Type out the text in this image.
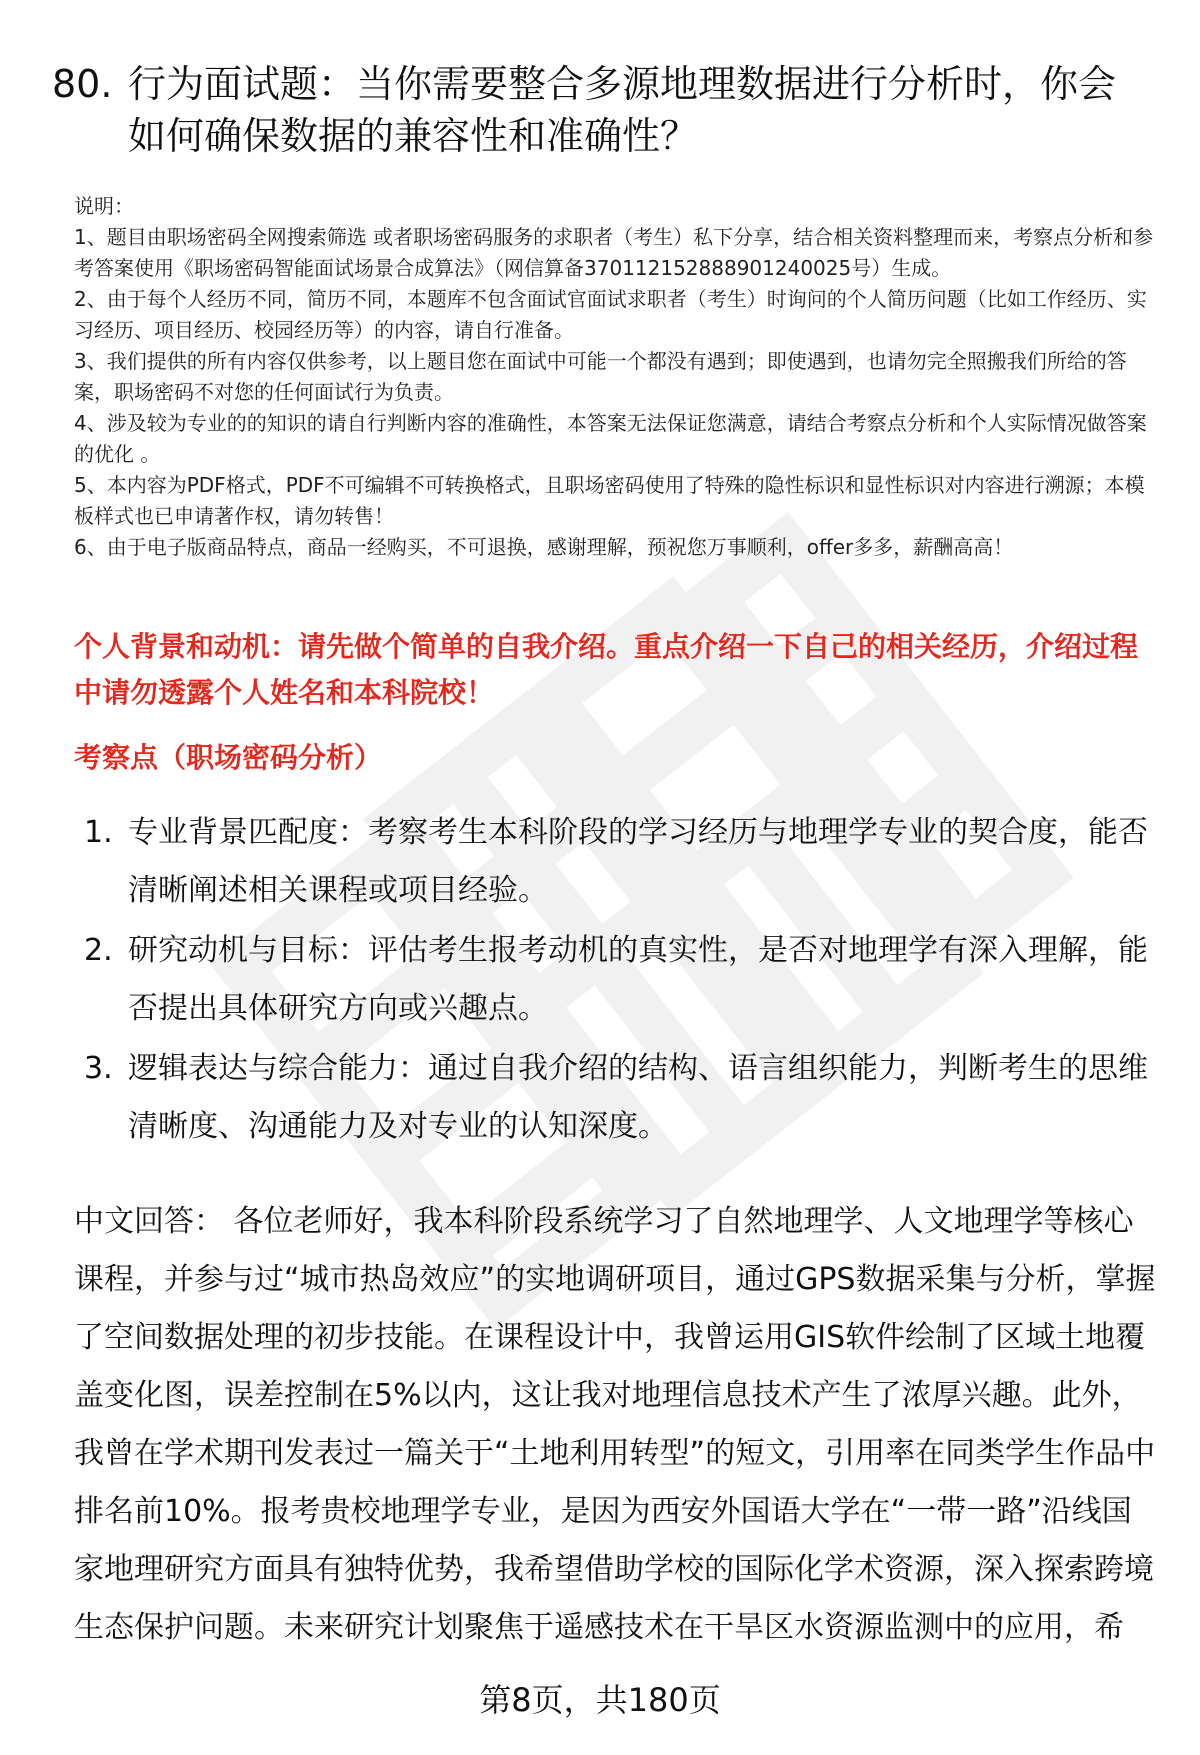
80. 行为面试题：当你需要整合多源地理数据进行分析时，你会如何确保数据的兼容性和准确性？

说明：

1、题目由职场密码全网搜索筛选 或者职场密码服务的求职者（考生）私下分享，结合相关资料整理而来，考察点分析和参考答案使用《职场密码智能面试场景合成算法》（网信算备370112152888901240025号）生成。

2、由于每个人经历不同，简历不同，本题库不包含面试官面试求职者（考生）时询问的个人简历问题（比如工作经历、实习经历、项目经历、校园经历等）的内容，请自行准备。

3、我们提供的所有内容仅供参考，以上题目您在面试中可能一个都没有遇到；即使遇到，也请勿完全照搬我们所给的答案，职场密码不对您的任何面试行为负责。

4、涉及较为专业的的知识的请自行判断内容的准确性，本答案无法保证您满意，请结合考察点分析和个人实际情况做答案的优化 。

5、本内容为PDF格式，PDF不可编辑不可转换格式，且职场密码使用了特殊的隐性标识和显性标识对内容进行溯源；本模板样式也已申请著作权，请勿转售！

6、由于电子版商品特点，商品一经购买，不可退换，感谢理解，预祝您万事顺利，offer多多，薪酬高高！

个人背景和动机：请先做个简单的自我介绍。重点介绍一下自己的相关经历，介绍过程中请勿透露个人姓名和本科院校！
考察点（职场密码分析）
1. 专业背景匹配度：考察考生本科阶段的学习经历与地理学专业的契合度，能否清晰阐述相关课程或项目经验。
2. 研究动机与目标：评估考生报考动机的真实性，是否对地理学有深入理解，能否提出具体研究方向或兴趣点。
3. 逻辑表达与综合能力：通过自我介绍的结构、语言组织能力，判断考生的思维清晰度、沟通能力及对专业的认知深度。

中文回答： 各位老师好，我本科阶段系统学习了自然地理学、人文地理学等核心课程，并参与过“城市热岛效应”的实地调研项目，通过GPS数据采集与分析，掌握了空间数据处理的初步技能。在课程设计中，我曾运用GIS软件绘制了区域土地覆盖变化图，误差控制在5%以内，这让我对地理信息技术产生了浓厚兴趣。此外，我曾在学术期刊发表过一篇关于“土地利用转型”的短文，引用率在同类学生作品中排名前10%。报考贵校地理学专业，是因为西安外国语大学在“一带一路”沿线国家地理研究方面具有独特优势，我希望借助学校的国际化学术资源，深入探索跨境生态保护问题。未来研究计划聚焦于遥感技术在干旱区水资源监测中的应用，希

第8页，共180页
